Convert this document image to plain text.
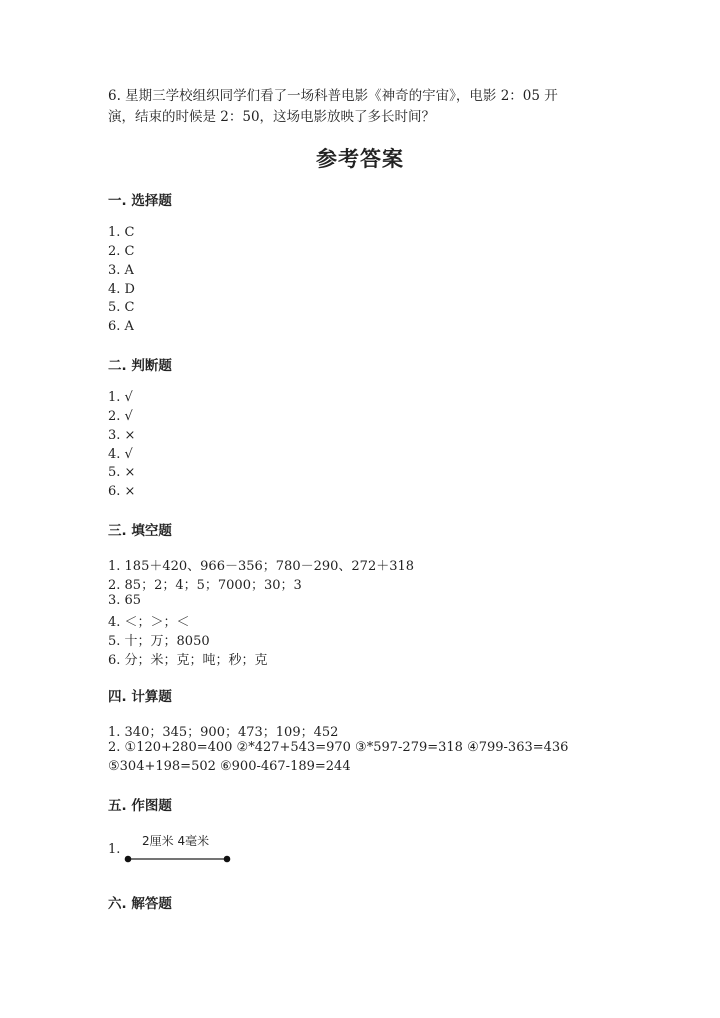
6. 星期三学校组织同学们看了一场科普电影《神奇的宇宙》，电影 2：05 开
演，结束的时候是 2：50，这场电影放映了多长时间？
参考答案
一. 选择题
1. C
2. C
3. A
4. D
5. C
6. A
二. 判断题
1. √
2. √
3. ×
4. √
5. ×
6. ×
三. 填空题
1. 185＋420、966－356；780－290、272＋318
2. 85；2；4；5；7000；30；3
3. 65
4. ＜；＞；＜
5. 十；万；8050
6. 分；米；克；吨；秒；克
四. 计算题
1. 340；345；900；473；109；452
2. ①120+280=400 ②*427+543=970 ③*597-279=318 ④799-363=436
⑤304+198=502 ⑥900-467-189=244
五. 作图题
1.
2厘米 4毫米
六. 解答题
